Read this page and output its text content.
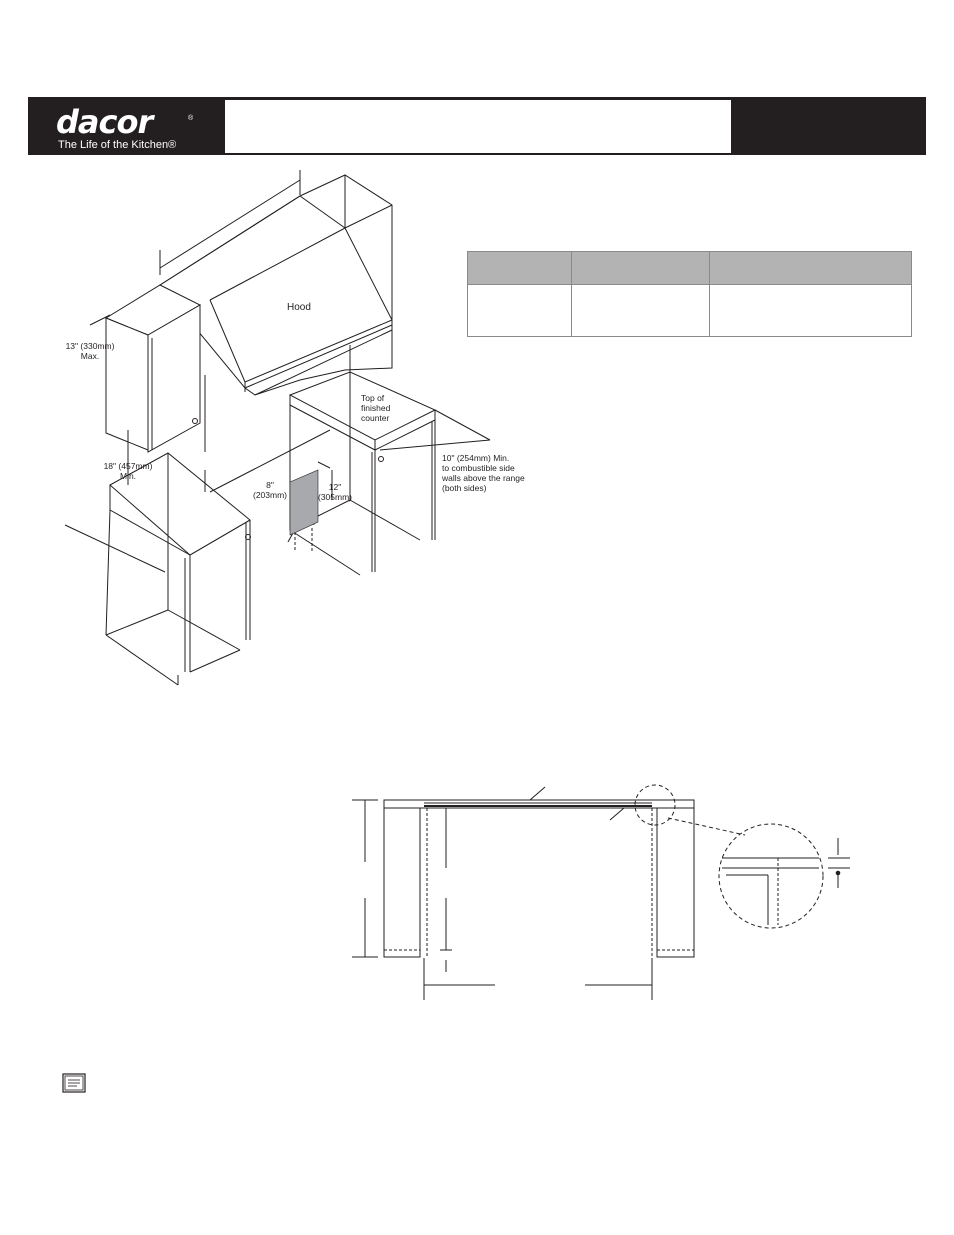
dacor	®
The Life of the Kitchen®

Hood
13" (330mm)
Max.
18" (457mm)
Min.
Top of
finished
counter
10" (254mm) Min.
to combustible side
walls above the range
(both sides)
8"
(203mm)
12"
(305mm)
